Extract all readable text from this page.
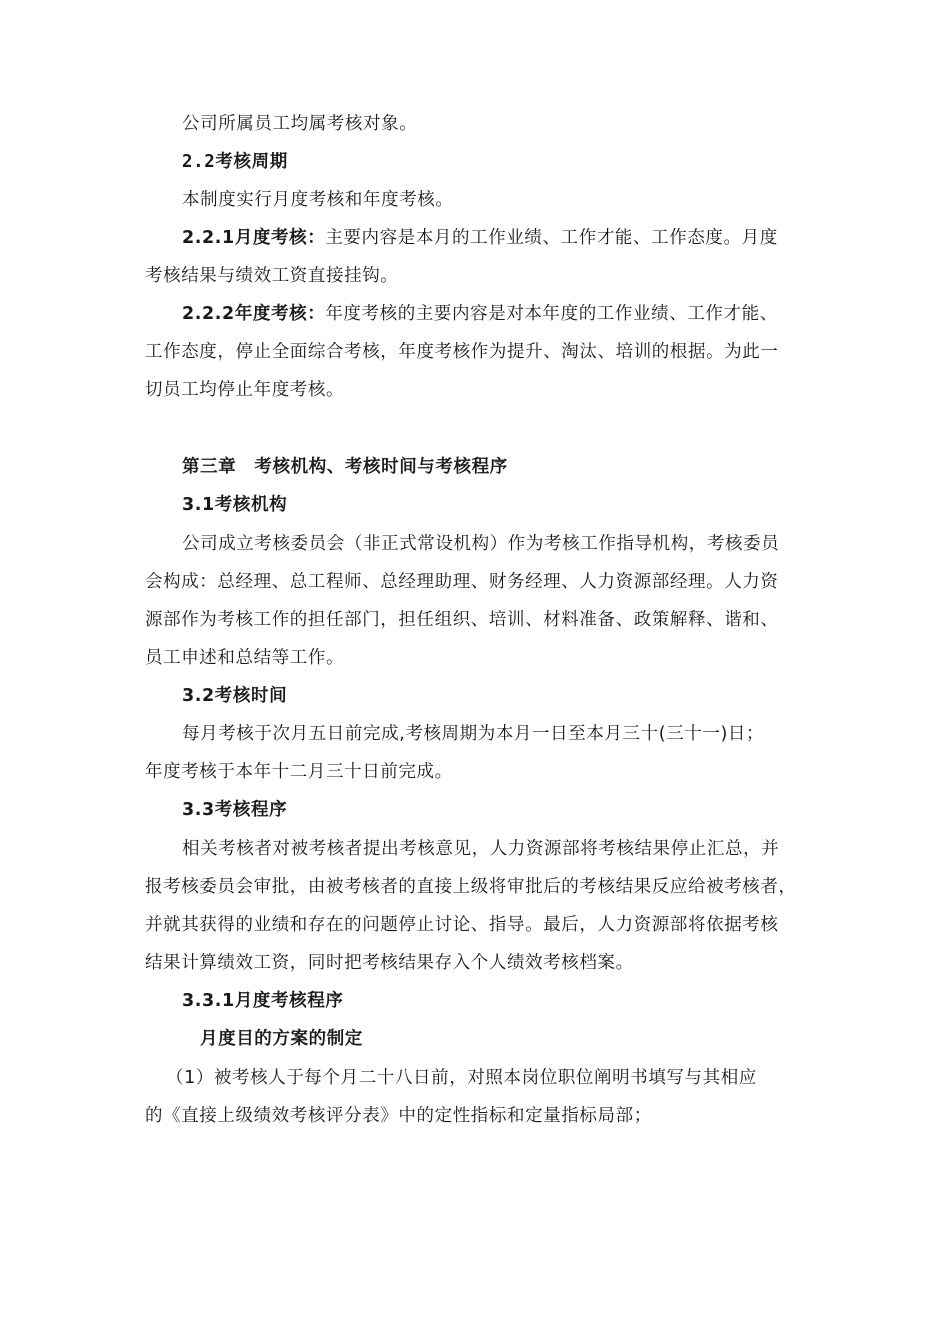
公司所属员工均属考核对象。
2.2考核周期
本制度实行月度考核和年度考核。
2.2.1月度考核：主要内容是本月的工作业绩、工作才能、工作态度。月度
考核结果与绩效工资直接挂钩。
2.2.2年度考核：年度考核的主要内容是对本年度的工作业绩、工作才能、
工作态度，停止全面综合考核，年度考核作为提升、淘汰、培训的根据。为此一
切员工均停止年度考核。
第三章　考核机构、考核时间与考核程序
3.1考核机构
公司成立考核委员会（非正式常设机构）作为考核工作指导机构，考核委员
会构成：总经理、总工程师、总经理助理、财务经理、人力资源部经理。人力资
源部作为考核工作的担任部门，担任组织、培训、材料准备、政策解释、谐和、
员工申述和总结等工作。
3.2考核时间
每月考核于次月五日前完成,考核周期为本月一日至本月三十(三十一)日；
年度考核于本年十二月三十日前完成。
3.3考核程序
相关考核者对被考核者提出考核意见，人力资源部将考核结果停止汇总，并
报考核委员会审批，由被考核者的直接上级将审批后的考核结果反应给被考核者，
并就其获得的业绩和存在的问题停止讨论、指导。最后，人力资源部将依据考核
结果计算绩效工资，同时把考核结果存入个人绩效考核档案。
3.3.1月度考核程序
月度目的方案的制定
（1）被考核人于每个月二十八日前，对照本岗位职位阐明书填写与其相应
的《直接上级绩效考核评分表》中的定性指标和定量指标局部；
